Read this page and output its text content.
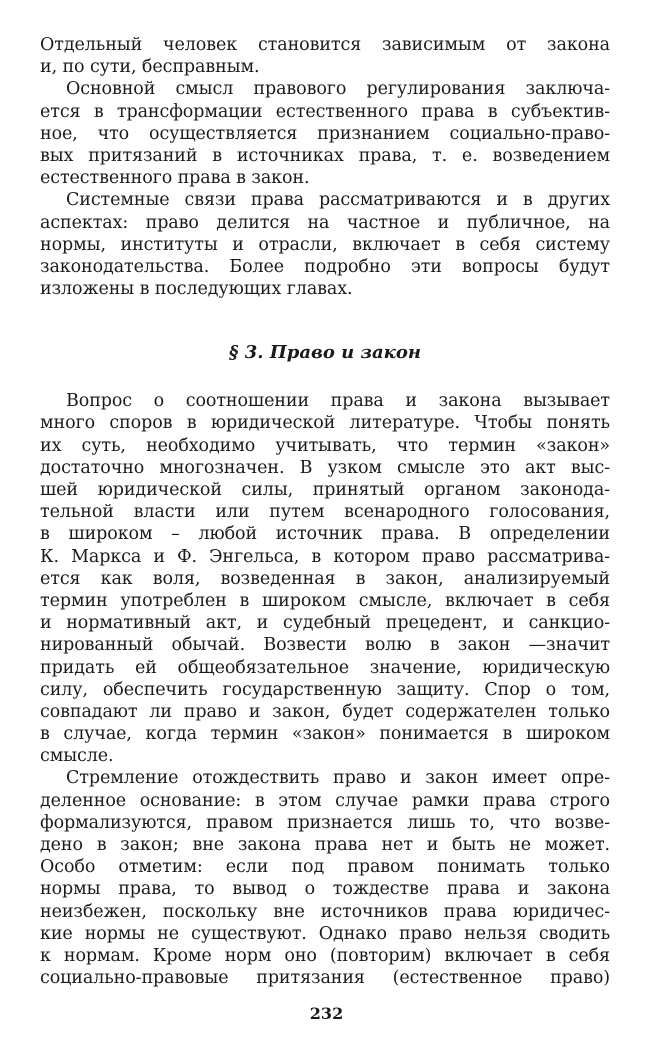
Отдельный человек становится зависимым от закона
и, по сути, бесправным.
Основной смысл правового регулирования заключа-
ется в трансформации естественного права в субъектив-
ное, что осуществляется признанием социально-право-
вых притязаний в источниках права, т. е. возведением
естественного права в закон.
Системные связи права рассматриваются и в других
аспектах: право делится на частное и публичное, на
нормы, институты и отрасли, включает в себя систему
законодательства. Более подробно эти вопросы будут
изложены в последующих главах.
§ 3. Право и закон
Вопрос о соотношении права и закона вызывает
много споров в юридической литературе. Чтобы понять
их суть, необходимо учитывать, что термин «закон»
достаточно многозначен. В узком смысле это акт выс-
шей юридической силы, принятый органом законода-
тельной власти или путем всенародного голосования,
в широком – любой источник права. В определении
К. Маркса и Ф. Энгельса, в котором право рассматрива-
ется как воля, возведенная в закон, анализируемый
термин употреблен в широком смысле, включает в себя
и нормативный акт, и судебный прецедент, и санкцио-
нированный обычай. Возвести волю в закон —значит
придать ей общеобязательное значение, юридическую
силу, обеспечить государственную защиту. Спор о том,
совпадают ли право и закон, будет содержателен только
в случае, когда термин «закон» понимается в широком
смысле.
Стремление отождествить право и закон имеет опре-
деленное основание: в этом случае рамки права строго
формализуются, правом признается лишь то, что возве-
дено в закон; вне закона права нет и быть не может.
Особо отметим: если под правом понимать только
нормы права, то вывод о тождестве права и закона
неизбежен, поскольку вне источников права юридичес-
кие нормы не существуют. Однако право нельзя сводить
к нормам. Кроме норм оно (повторим) включает в себя
социально-правовые притязания (естественное право)
232
